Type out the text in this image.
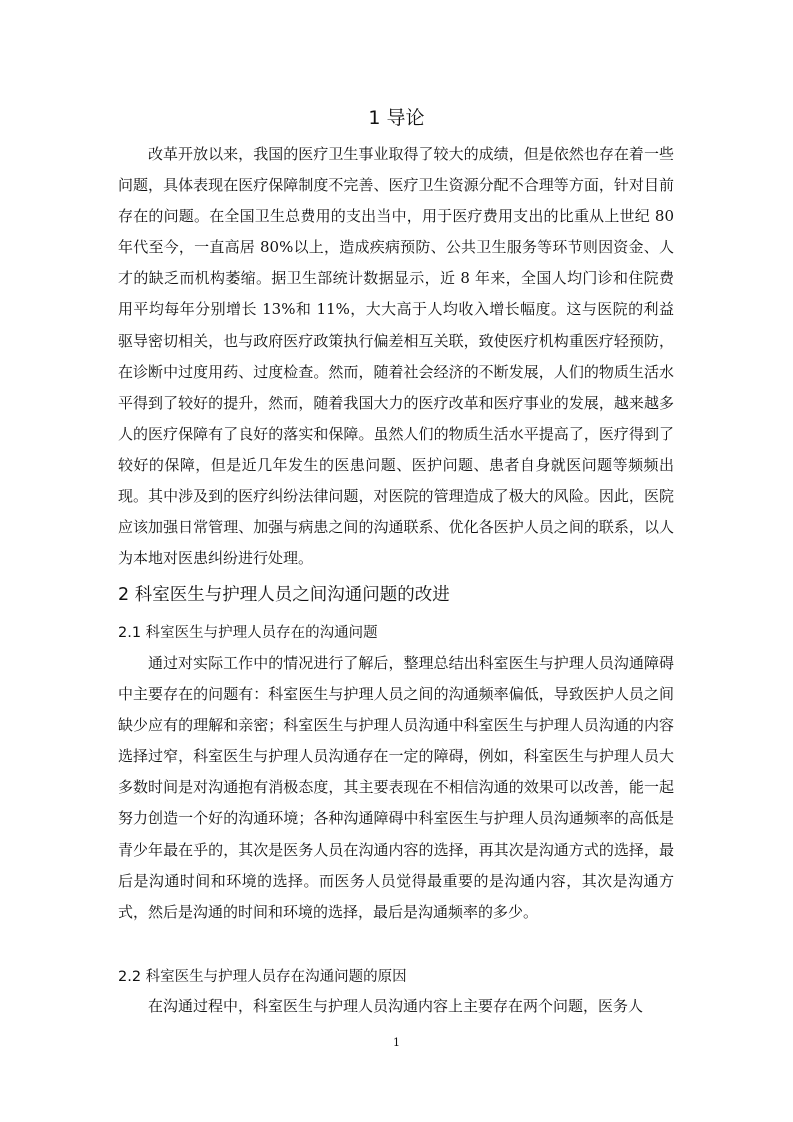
1 导论
改革开放以来，我国的医疗卫生事业取得了较大的成绩，但是依然也存在着一些问题，具体表现在医疗保障制度不完善、医疗卫生资源分配不合理等方面，针对目前存在的问题。在全国卫生总费用的支出当中，用于医疗费用支出的比重从上世纪 80 年代至今，一直高居 80%以上，造成疾病预防、公共卫生服务等环节则因资金、人才的缺乏而机构萎缩。据卫生部统计数据显示，近 8 年来，全国人均门诊和住院费用平均每年分别增长 13%和 11%，大大高于人均收入增长幅度。这与医院的利益驱导密切相关，也与政府医疗政策执行偏差相互关联，致使医疗机构重医疗轻预防，在诊断中过度用药、过度检查。然而，随着社会经济的不断发展，人们的物质生活水平得到了较好的提升，然而，随着我国大力的医疗改革和医疗事业的发展，越来越多人的医疗保障有了良好的落实和保障。虽然人们的物质生活水平提高了，医疗得到了较好的保障，但是近几年发生的医患问题、医护问题、患者自身就医问题等频频出现。其中涉及到的医疗纠纷法律问题，对医院的管理造成了极大的风险。因此，医院应该加强日常管理、加强与病患之间的沟通联系、优化各医护人员之间的联系，以人为本地对医患纠纷进行处理。
2 科室医生与护理人员之间沟通问题的改进
2.1 科室医生与护理人员存在的沟通问题
通过对实际工作中的情况进行了解后，整理总结出科室医生与护理人员沟通障碍中主要存在的问题有：科室医生与护理人员之间的沟通频率偏低，导致医护人员之间缺少应有的理解和亲密；科室医生与护理人员沟通中科室医生与护理人员沟通的内容选择过窄，科室医生与护理人员沟通存在一定的障碍，例如，科室医生与护理人员大多数时间是对沟通抱有消极态度，其主要表现在不相信沟通的效果可以改善，能一起努力创造一个好的沟通环境；各种沟通障碍中科室医生与护理人员沟通频率的高低是青少年最在乎的，其次是医务人员在沟通内容的选择，再其次是沟通方式的选择，最后是沟通时间和环境的选择。而医务人员觉得最重要的是沟通内容，其次是沟通方式，然后是沟通的时间和环境的选择，最后是沟通频率的多少。
2.2 科室医生与护理人员存在沟通问题的原因
在沟通过程中，科室医生与护理人员沟通内容上主要存在两个问题，医务人
1
